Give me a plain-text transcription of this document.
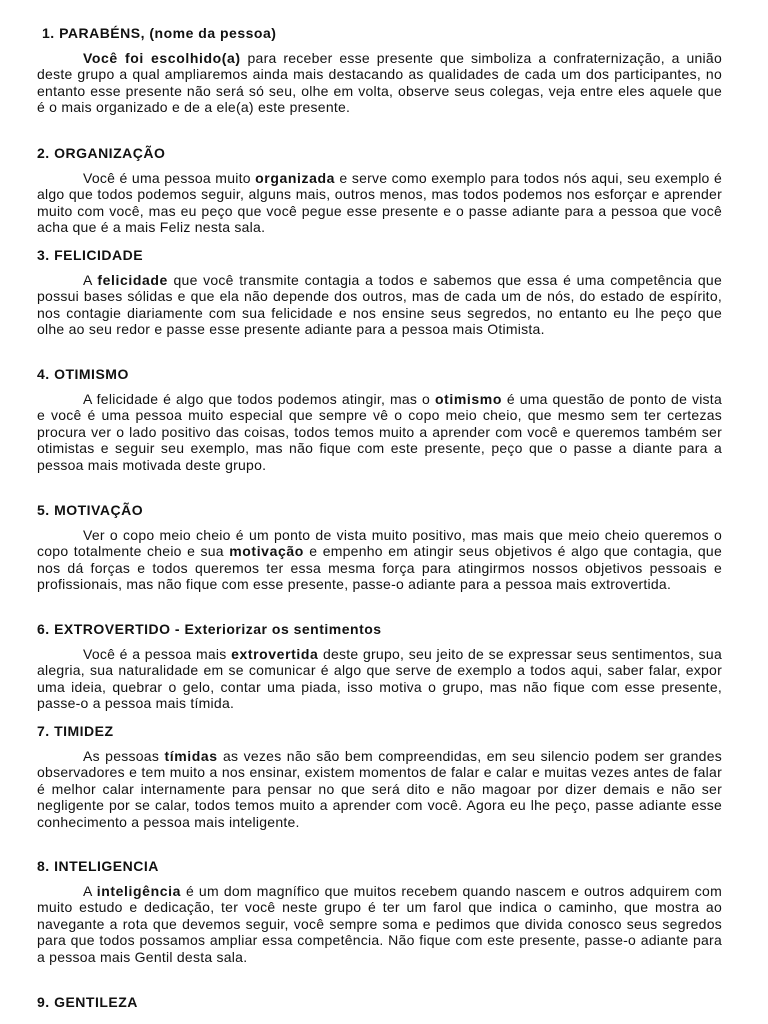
1. PARABÉNS, (nome da pessoa)

Você foi escolhido(a) para receber esse presente que simboliza a confraternização, a união deste grupo a qual ampliaremos ainda mais destacando as qualidades de cada um dos participantes, no entanto esse presente não será só seu, olhe em volta, observe seus colegas, veja entre eles aquele que é o mais organizado e de a ele(a) este presente.

2. ORGANIZAÇÃO

Você é uma pessoa muito organizada e serve como exemplo para todos nós aqui, seu exemplo é algo que todos podemos seguir, alguns mais, outros menos, mas todos podemos nos esforçar e aprender muito com você, mas eu peço que você pegue esse presente e o passe adiante para a pessoa que você acha que é a mais Feliz nesta sala.

3. FELICIDADE

A felicidade que você transmite contagia a todos e sabemos que essa é uma competência que possui bases sólidas e que ela não depende dos outros, mas de cada um de nós, do estado de espírito, nos contagie diariamente com sua felicidade e nos ensine seus segredos, no entanto eu lhe peço que olhe ao seu redor e passe esse presente adiante para a pessoa mais Otimista.

4. OTIMISMO

A felicidade é algo que todos podemos atingir, mas o otimismo é uma questão de ponto de vista e você é uma pessoa muito especial que sempre vê o copo meio cheio, que mesmo sem ter certezas procura ver o lado positivo das coisas, todos temos muito a aprender com você e queremos também ser otimistas e seguir seu exemplo, mas não fique com este presente, peço que o passe a diante para a pessoa mais motivada deste grupo.

5. MOTIVAÇÃO

Ver o copo meio cheio é um ponto de vista muito positivo, mas mais que meio cheio queremos o copo totalmente cheio e sua motivação e empenho em atingir seus objetivos é algo que contagia, que nos dá forças e todos queremos ter essa mesma força para atingirmos nossos objetivos pessoais e profissionais, mas não fique com esse presente, passe-o adiante para a pessoa mais extrovertida.

6. EXTROVERTIDO - Exteriorizar os sentimentos

Você é a pessoa mais extrovertida deste grupo, seu jeito de se expressar seus sentimentos, sua alegria, sua naturalidade em se comunicar é algo que serve de exemplo a todos aqui, saber falar, expor uma ideia, quebrar o gelo, contar uma piada, isso motiva o grupo, mas não fique com esse presente, passe-o a pessoa mais tímida.

7. TIMIDEZ

As pessoas tímidas as vezes não são bem compreendidas, em seu silencio podem ser grandes observadores e tem muito a nos ensinar, existem momentos de falar e calar e muitas vezes antes de falar é melhor calar internamente para pensar no que será dito e não magoar por dizer demais e não ser negligente por se calar, todos temos muito a aprender com você. Agora eu lhe peço, passe adiante esse conhecimento a pessoa mais inteligente.

8. INTELIGENCIA

A inteligência é um dom magnífico que muitos recebem quando nascem e outros adquirem com muito estudo e dedicação, ter você neste grupo é ter um farol que indica o caminho, que mostra ao navegante a rota que devemos seguir, você sempre soma e pedimos que divida conosco seus segredos para que todos possamos ampliar essa competência. Não fique com este presente, passe-o adiante para a pessoa mais Gentil desta sala.

9. GENTILEZA
